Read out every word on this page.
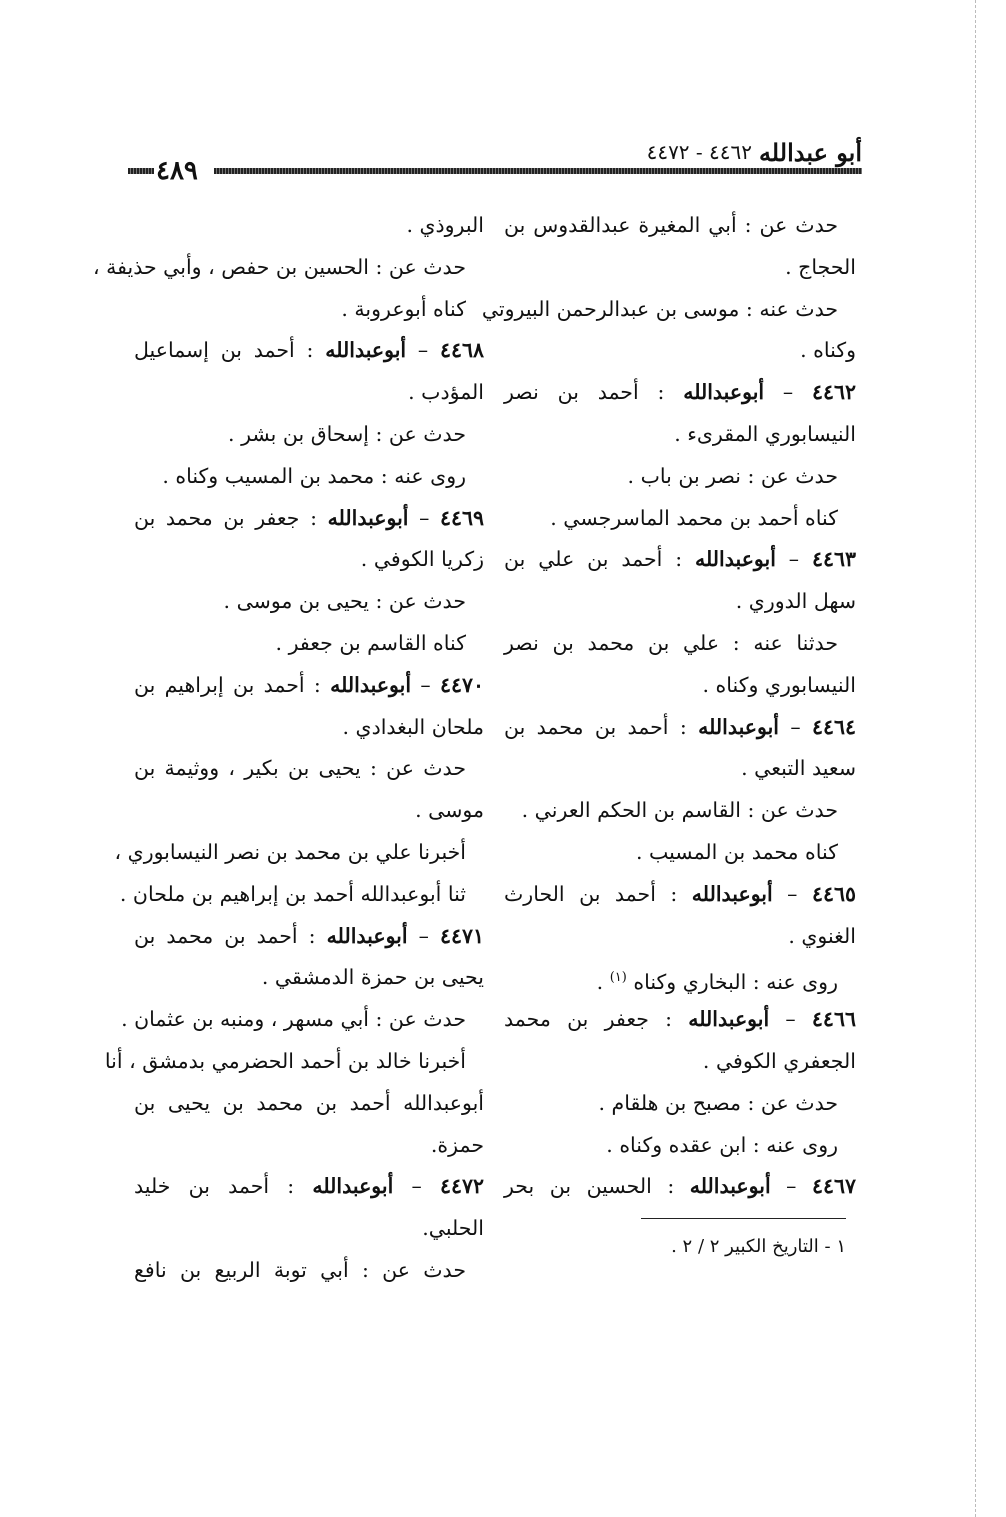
أبو عبدالله
٤٤٦٢ - ٤٤٧٢
٤٨٩
حدث عن : أبي المغيرة عبدالقدوس بن
الحجاج .
حدث عنه : موسى بن عبدالرحمن البيروتي
وكناه .
٤٤٦٢ – أبوعبدالله : أحمد بن نصر
النيسابوري المقرىء .
حدث عن : نصر بن باب .
كناه أحمد بن محمد الماسرجسي .
٤٤٦٣ – أبوعبدالله : أحمد بن علي بن
سهل الدوري .
حدثنا عنه : علي بن محمد بن نصر
النيسابوري وكناه .
٤٤٦٤ – أبوعبدالله : أحمد بن محمد بن
سعيد التبعي .
حدث عن : القاسم بن الحكم العرني .
كناه محمد بن المسيب .
٤٤٦٥ – أبوعبدالله : أحمد بن الحارث
الغنوي .
روى عنه : البخاري وكناه $^{(١)}$ .
٤٤٦٦ – أبوعبدالله : جعفر بن محمد
الجعفري الكوفي .
حدث عن : مصبح بن هلقام .
روى عنه : ابن عقده وكناه .
٤٤٦٧ – أبوعبدالله : الحسين بن بحر
البروذي .
حدث عن : الحسين بن حفص ، وأبي حذيفة ،
كناه أبوعروبة .
٤٤٦٨ – أبوعبدالله : أحمد بن إسماعيل
المؤدب .
حدث عن : إسحاق بن بشر .
روى عنه : محمد بن المسيب وكناه .
٤٤٦٩ – أبوعبدالله : جعفر بن محمد بن
زكريا الكوفي .
حدث عن : يحيى بن موسى .
كناه القاسم بن جعفر .
٤٤٧٠ – أبوعبدالله : أحمد بن إبراهيم بن
ملحان البغدادي .
حدث عن : يحيى بن بكير ، ووثيمة بن
موسى .
أخبرنا علي بن محمد بن نصر النيسابوري ،
ثنا أبوعبدالله أحمد بن إبراهيم بن ملحان .
٤٤٧١ – أبوعبدالله : أحمد بن محمد بن
يحيى بن حمزة الدمشقي .
حدث عن : أبي مسهر ، ومنبه بن عثمان .
أخبرنا خالد بن أحمد الحضرمي بدمشق ، أنا
أبوعبدالله أحمد بن محمد بن يحيى بن
حمزة.
٤٤٧٢ – أبوعبدالله : أحمد بن خليد
الحلبي.
حدث عن : أبي توبة الربيع بن نافع
١ - التاريخ الكبير ٢ / ٢ .
